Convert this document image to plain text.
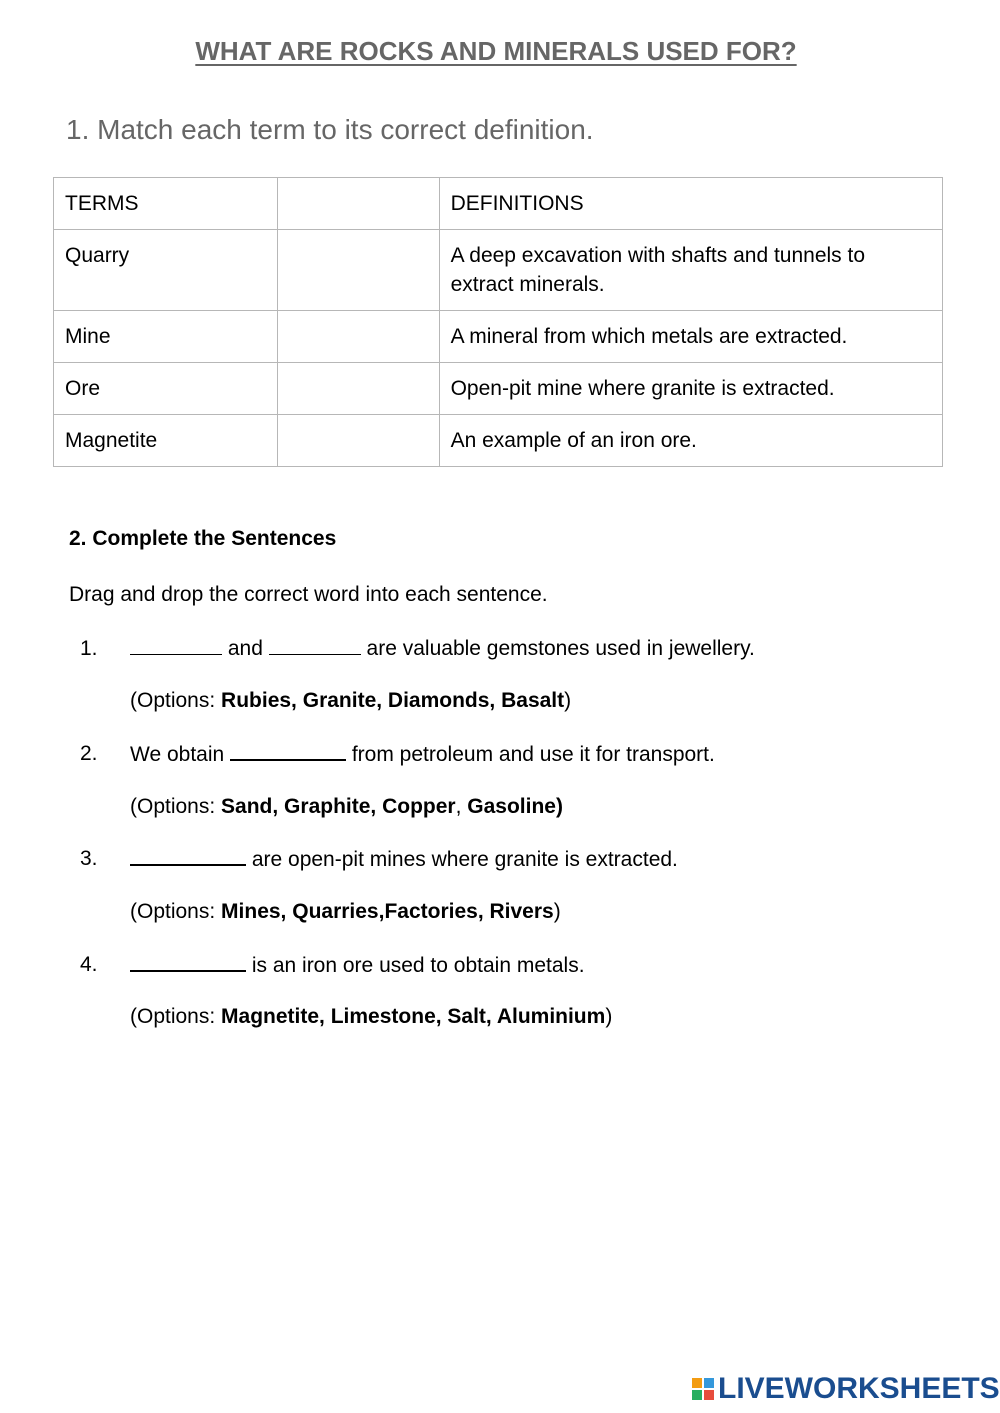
WHAT ARE ROCKS AND MINERALS USED FOR?
1. Match each term to its correct definition.
TERMS		DEFINITIONS
Quarry		A deep excavation with shafts and tunnels to
extract minerals.
Mine		A mineral from which metals are extracted.
Ore		Open-pit mine where granite is extracted.
Magnetite		An example of an iron ore.
2. Complete the Sentences
Drag and drop the correct word into each sentence.
1.	and	are valuable gemstones used in jewellery.
(Options: Rubies, Granite, Diamonds, Basalt)
2. We obtain	from petroleum and use it for transport.
(Options: Sand, Graphite, Copper, Gasoline)
3.	are open-pit mines where granite is extracted.
(Options: Mines, Quarries,Factories, Rivers)
4.	is an iron ore used to obtain metals.
(Options: Magnetite, Limestone, Salt, Aluminium)
LIVEWORKSHEETS
